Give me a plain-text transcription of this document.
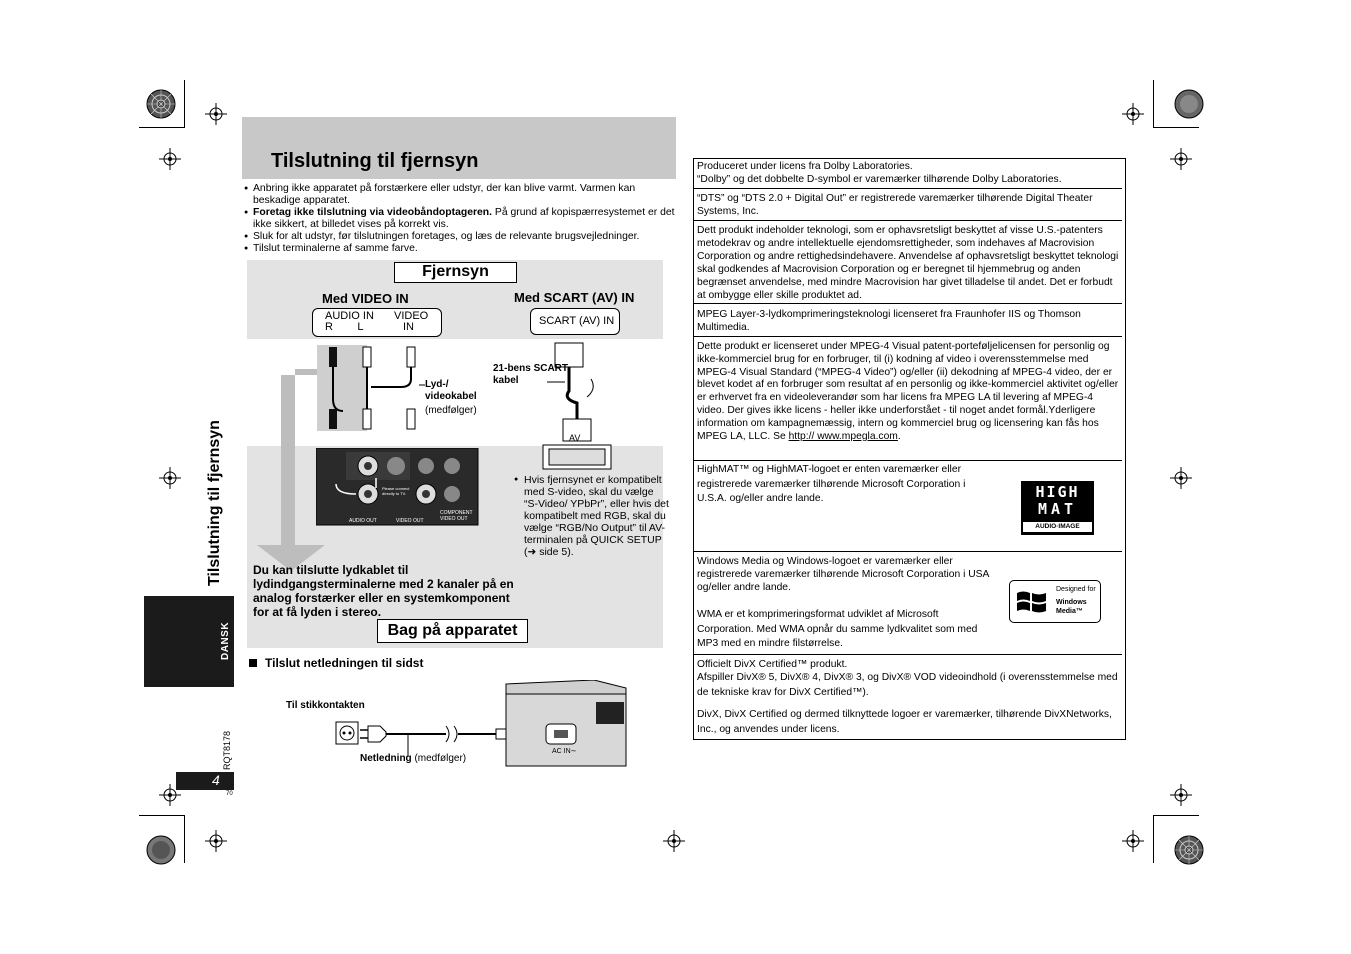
Tilslutning til fjernsyn
● Anbring ikke apparatet på forstærkere eller udstyr, der kan blive varmt. Varmen kan beskadige apparatet.
● Foretag ikke tilslutning via videobåndoptageren. På grund af kopispærresystemet er det ikke sikkert, at billedet vises på korrekt vis.
● Sluk for alt udstyr, før tilslutningen foretages, og læs de relevante brugsvejledninger.
● Tilslut terminalerne af samme farve.
Tilslutning til fjernsyn
DANSK
RQT8178
4
70
AUDIO OUT	VIDEO OUT
COMPONENT VIDEO OUT
Please connect directly to TV.
Fjernsyn
Med VIDEO IN	Med SCART (AV) IN
AUDIO IN
R        L
VIDEO
IN	SCART (AV) IN
Lyd-/ videokabel
(medfølger)
21-bens SCART kabel
AV
● Hvis fjernsynet er kompatibelt med S-video, skal du vælge “S-Video/ YPbPr”, eller hvis det kompatibelt med RGB, skal du vælge “RGB/No Output” til AV-terminalen på QUICK SETUP (➜ side 5).
Du kan tilslutte lydkablet til lydindgangsterminalerne med 2 kanaler på en analog forstærker eller en systemkomponent for at få lyden i stereo.
Bag på apparatet
Tilslut netledningen til sidst
Til stikkontakten
AC IN∼
Netledning (medfølger)
Produceret under licens fra Dolby Laboratories.
“Dolby” og det dobbelte D-symbol er varemærker tilhørende Dolby Laboratories.
“DTS” og “DTS 2.0 + Digital Out” er registrerede varemærker tilhørende Digital Theater Systems, Inc.
Dett produkt indeholder teknologi, som er ophavsretsligt beskyttet af visse U.S.-patenters metodekrav og andre intellektuelle ejendomsrettigheder, som indehaves af Macrovision Corporation og andre rettighedsindehavere. Anvendelse af ophavsretsligt beskyttet teknologi skal godkendes af Macrovision Corporation og er beregnet til hjemmebrug og anden begrænset anvendelse, med mindre Macrovision har givet tilladelse til andet. Det er forbudt at ombygge eller skille produktet ad.
MPEG Layer-3-lydkomprimeringsteknologi licenseret fra Fraunhofer IIS og Thomson Multimedia.
Dette produkt er licenseret under MPEG-4 Visual patent-porteføljelicensen for personlig og ikke-kommerciel brug for en forbruger, til (i) kodning af video i overensstemmelse med MPEG-4 Visual Standard (“MPEG-4 Video”) og/eller (ii) dekodning af MPEG-4 video, der er blevet kodet af en forbruger som resultat af en personlig og ikke-kommerciel aktivitet og/eller er erhvervet fra en videoleverandør som har licens fra MPEG LA til levering af MPEG-4 video. Der gives ikke licens - heller ikke underforstået - til noget andet formål.Yderligere information om kampagnemæssig, intern og kommerciel brug og licensering kan fås hos MPEG LA, LLC. Se http:// www.mpegla.com.
HighMAT™ og HighMAT-logoet er enten varemærker eller registrerede varemærker tilhørende Microsoft Corporation i U.S.A. og/eller andre lande.	HIGH
MAT
AUDIO·IMAGE
Windows Media og Windows-logoet er varemærker eller registrerede varemærker tilhørende Microsoft Corporation i USA og/eller andre lande.
WMA er et komprimeringsformat udviklet af Microsoft Corporation. Med WMA opnår du samme lydkvalitet som med MP3 med en mindre filstørrelse.
Designed for
Windows
Media™
Officielt DivX Certified™ produkt.
Afspiller DivX® 5, DivX® 4, DivX® 3, og DivX® VOD videoindhold (i overensstemmelse med de tekniske krav for DivX Certified™).
DivX, DivX Certified og dermed tilknyttede logoer er varemærker, tilhørende DivXNetworks, Inc., og anvendes under licens.
